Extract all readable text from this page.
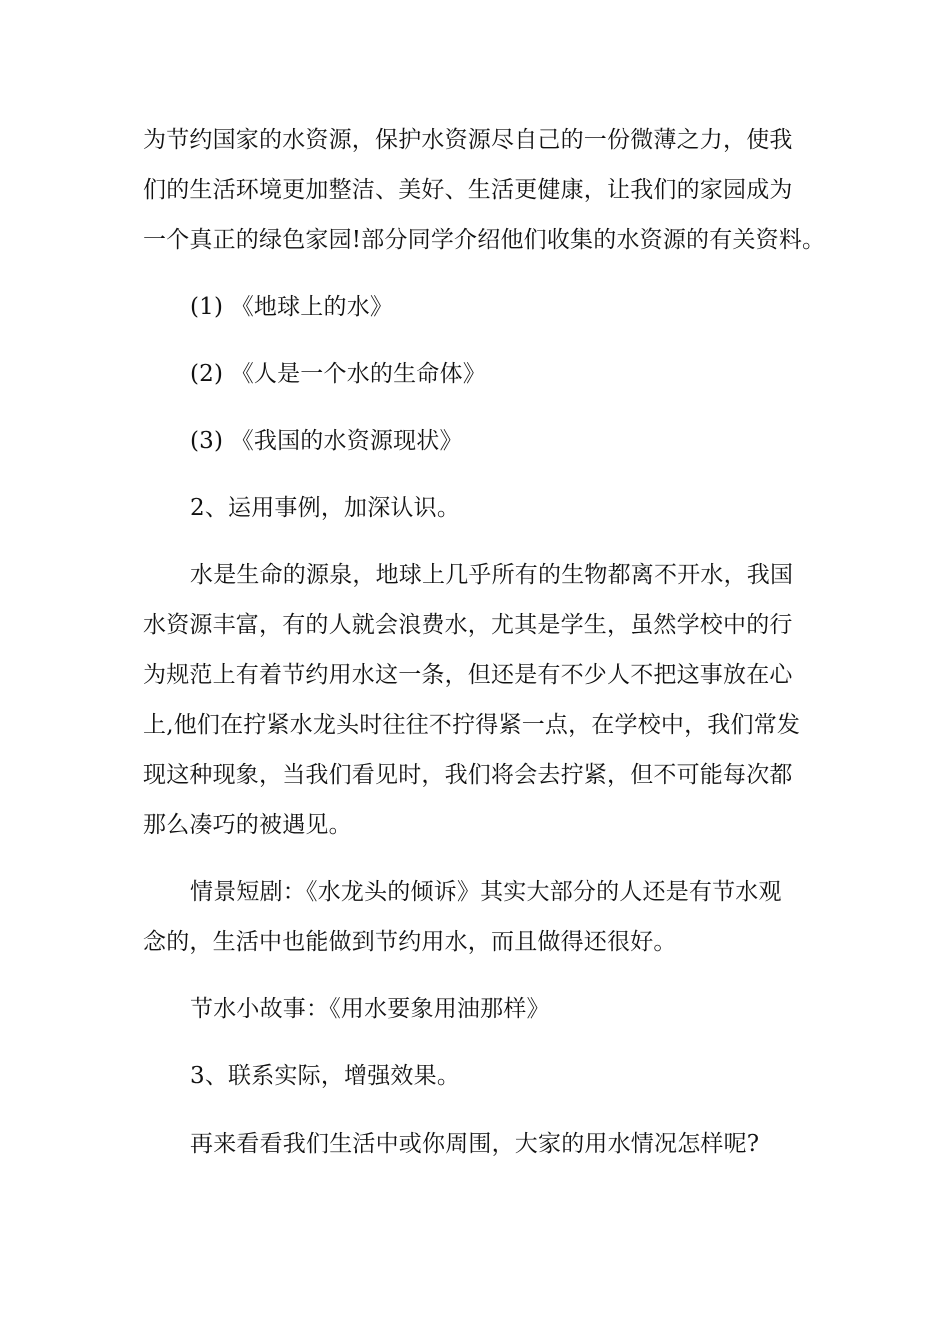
为节约国家的水资源，保护水资源尽自己的一份微薄之力，使我
们的生活环境更加整洁、美好、生活更健康，让我们的家园成为
一个真正的绿色家园!部分同学介绍他们收集的水资源的有关资料。
(1) 《地球上的水》
(2) 《人是一个水的生命体》
(3) 《我国的水资源现状》
2、运用事例，加深认识。
水是生命的源泉，地球上几乎所有的生物都离不开水，我国
水资源丰富，有的人就会浪费水，尤其是学生，虽然学校中的行
为规范上有着节约用水这一条，但还是有不少人不把这事放在心
上,他们在拧紧水龙头时往往不拧得紧一点，在学校中，我们常发
现这种现象，当我们看见时，我们将会去拧紧，但不可能每次都
那么凑巧的被遇见。
情景短剧：《水龙头的倾诉》其实大部分的人还是有节水观
念的，生活中也能做到节约用水，而且做得还很好。
节水小故事：《用水要象用油那样》
3、联系实际，增强效果。
再来看看我们生活中或你周围，大家的用水情况怎样呢?
